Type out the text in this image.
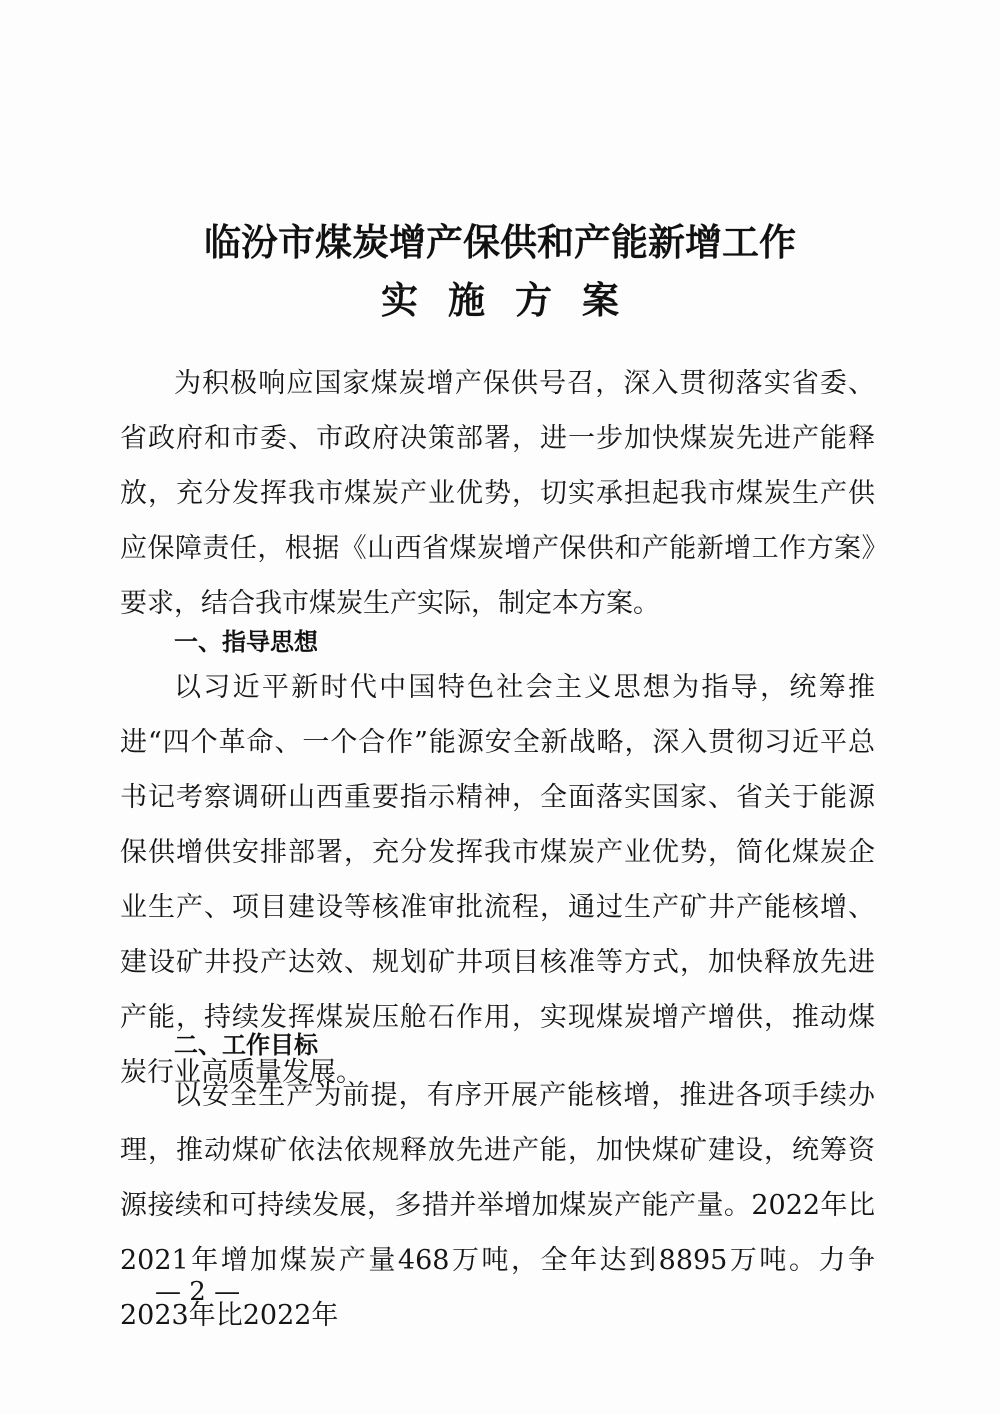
临汾市煤炭增产保供和产能新增工作
实施方案

为积极响应国家煤炭增产保供号召，深入贯彻落实省委、省政府和市委、市政府决策部署，进一步加快煤炭先进产能释放，充分发挥我市煤炭产业优势，切实承担起我市煤炭生产供应保障责任，根据《山西省煤炭增产保供和产能新增工作方案》要求，结合我市煤炭生产实际，制定本方案。

一、指导思想

以习近平新时代中国特色社会主义思想为指导，统筹推进“四个革命、一个合作”能源安全新战略，深入贯彻习近平总书记考察调研山西重要指示精神，全面落实国家、省关于能源保供增供安排部署，充分发挥我市煤炭产业优势，简化煤炭企业生产、项目建设等核准审批流程，通过生产矿井产能核增、建设矿井投产达效、规划矿井项目核准等方式，加快释放先进产能，持续发挥煤炭压舱石作用，实现煤炭增产增供，推动煤炭行业高质量发展。

二、工作目标

以安全生产为前提，有序开展产能核增，推进各项手续办理，推动煤矿依法依规释放先进产能，加快煤矿建设，统筹资源接续和可持续发展，多措并举增加煤炭产能产量。2022年比2021年增加煤炭产量468万吨，全年达到8895万吨。力争2023年比2022年

— 2 —
